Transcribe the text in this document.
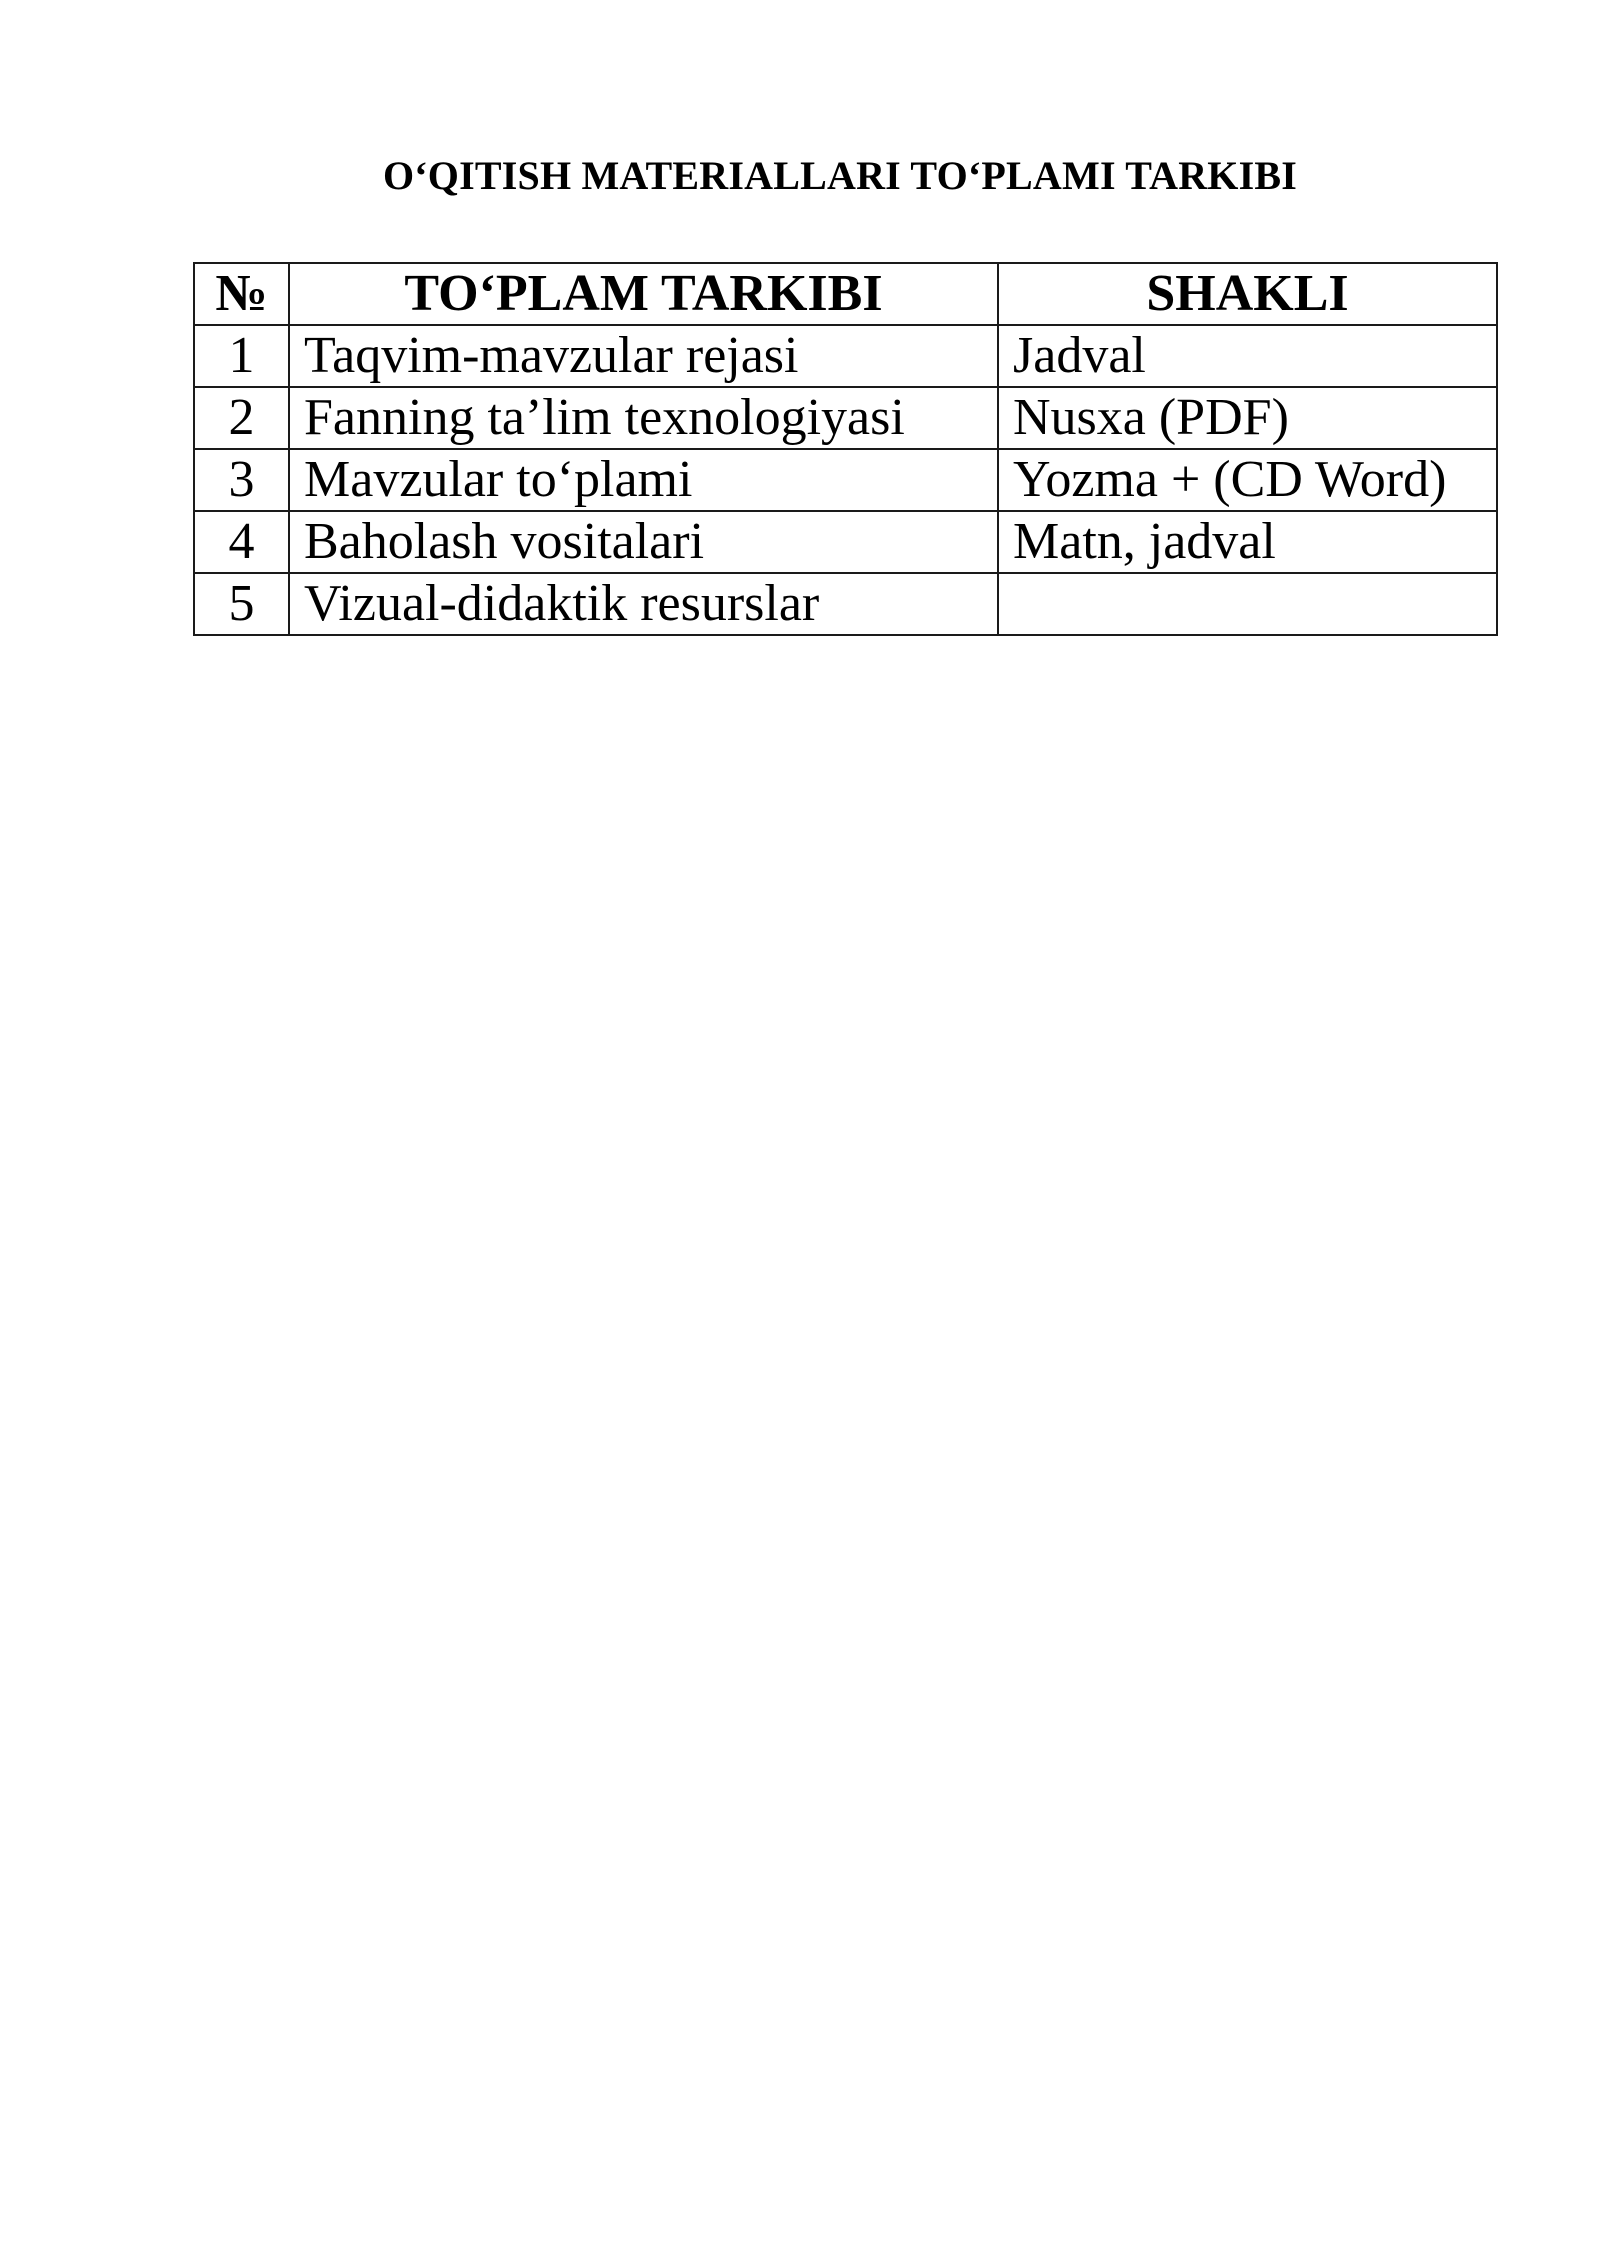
O‘QITISH MATERIALLARI TO‘PLAMI TARKIBI
№	TO‘PLAM TARKIBI	SHAKLI
1	Taqvim-mavzular rejasi	Jadval
2	Fanning ta’lim texnologiyasi	Nusxa (PDF)
3	Mavzular to‘plami	Yozma + (CD Word)
4	Baholash vositalari	Matn, jadval
5	Vizual-didaktik resurslar	
